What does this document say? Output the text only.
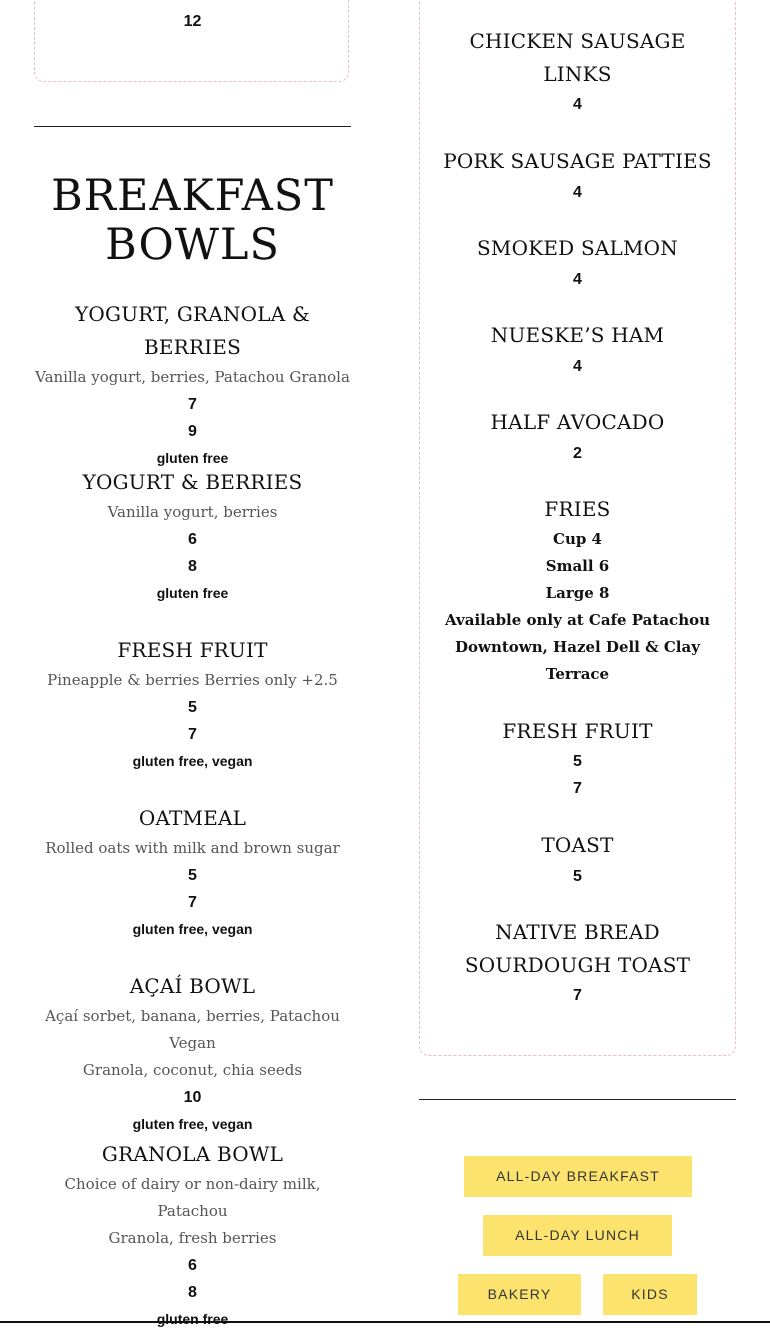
12
BREAKFAST
BOWLS
YOGURT, GRANOLA & BERRIES
Vanilla yogurt, berries, Patachou Granola
7
9
gluten free
YOGURT & BERRIES
Vanilla yogurt, berries
6
8
gluten free
FRESH FRUIT
Pineapple & berries Berries only +2.5
5
7
gluten free, vegan
OATMEAL
Rolled oats with milk and brown sugar
5
7
gluten free, vegan
AÇAÍ BOWL
Açaí sorbet, banana, berries, Patachou Vegan
Granola, coconut, chia seeds
10
gluten free, vegan
GRANOLA BOWL
Choice of dairy or non-dairy milk, Patachou
Granola, fresh berries
6
8
gluten free
CHICKEN SAUSAGE
LINKS
4
PORK SAUSAGE PATTIES
4
SMOKED SALMON
4
NUESKE’S HAM
4
HALF AVOCADO
2
FRIES
Cup 4
Small 6
Large 8
Available only at Cafe Patachou
Downtown, Hazel Dell & Clay
Terrace
FRESH FRUIT
5
7
TOAST
5
NATIVE BREAD
SOURDOUGH TOAST
7
ALL-DAY BREAKFAST
ALL-DAY LUNCH
BAKERY	KIDS
